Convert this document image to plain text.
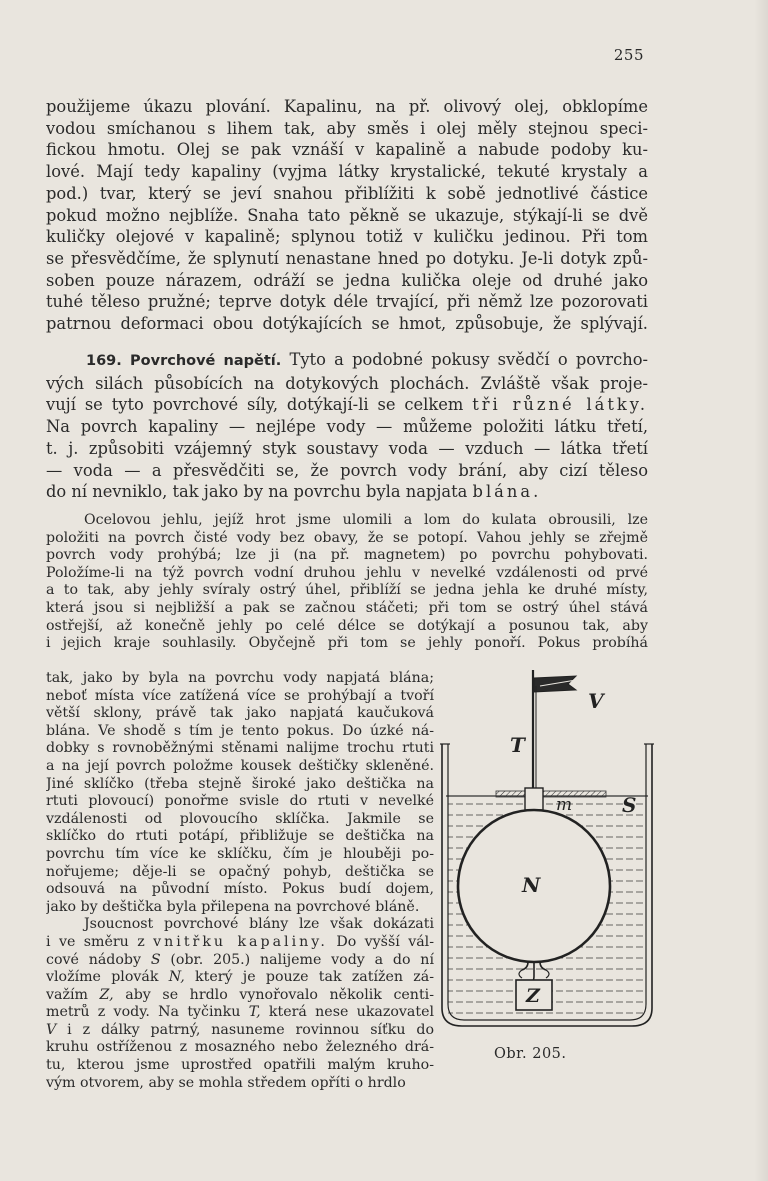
255
použijeme úkazu plování. Kapalinu, na př. olivový olej, obklopíme
vodou smíchanou s lihem tak, aby směs i olej měly stejnou speci-
fickou hmotu. Olej se pak vznáší v kapalině a nabude podoby ku-
lové. Mají tedy kapaliny (vyjma látky krystalické, tekuté krystaly a
pod.) tvar, který se jeví snahou přiblížiti k sobě jednotlivé částice
pokud možno nejblíže. Snaha tato pěkně se ukazuje, stýkají-li se dvě
kuličky olejové v kapalině; splynou totiž v kuličku jedinou. Při tom
se přesvědčíme, že splynutí nenastane hned po dotyku. Je-li dotyk způ-
soben pouze nárazem, odráží se jedna kulička oleje od druhé jako
tuhé těleso pružné; teprve dotyk déle trvající, při němž lze pozorovati
patrnou deformaci obou dotýkajících se hmot, způsobuje, že splývají.
169. Povrchové napětí. Tyto a podobné pokusy svědčí o povrcho-
vých silách působících na dotykových plochách. Zvláště však proje-
vují se tyto povrchové síly, dotýkají-li se celkem tři různé látky.
Na povrch kapaliny — nejlépe vody — můžeme položiti látku třetí,
t. j. způsobiti vzájemný styk soustavy voda — vzduch — látka třetí
— voda — a přesvědčiti se, že povrch vody brání, aby cizí těleso
do ní nevniklo, tak jako by na povrchu byla napjata blána.
Ocelovou jehlu, jejíž hrot jsme ulomili a lom do kulata obrousili, lze
položiti na povrch čisté vody bez obavy, že se potopí. Vahou jehly se zřejmě
povrch vody prohýbá; lze ji (na př. magnetem) po povrchu pohybovati.
Položíme-li na týž povrch vodní druhou jehlu v nevelké vzdálenosti od prvé
a to tak, aby jehly svíraly ostrý úhel, přiblíží se jedna jehla ke druhé místy,
která jsou si nejbližší a pak se začnou stáčeti; při tom se ostrý úhel stává
ostřejší, až konečně jehly po celé délce se dotýkají a posunou tak, aby
i jejich kraje souhlasily. Obyčejně při tom se jehly ponoří. Pokus probíhá
tak, jako by byla na povrchu vody napjatá blána;
neboť místa více zatížená více se prohýbají a tvoří
větší sklony, právě tak jako napjatá kaučuková
blána. Ve shodě s tím je tento pokus. Do úzké ná-
dobky s rovnoběžnými stěnami nalijme trochu rtuti
a na její povrch položme kousek deštičky skleněné.
Jiné sklíčko (třeba stejně široké jako deštička na
rtuti plovoucí) ponořme svisle do rtuti v nevelké
vzdálenosti od plovoucího sklíčka. Jakmile se
sklíčko do rtuti potápí, přibližuje se deštička na
povrchu tím více ke sklíčku, čím je hlouběji po-
nořujeme; děje-li se opačný pohyb, deštička se
odsouvá na původní místo. Pokus budí dojem,
jako by deštička byla přilepena na povrchové bláně.
Jsoucnost povrchové blány lze však dokázati
i ve směru z vnitřku kapaliny. Do vyšší vál-
cové nádoby S (obr. 205.) nalijeme vody a do ní
vložíme plovák N, který je pouze tak zatížen zá-
važím Z, aby se hrdlo vynořovalo několik centi-
metrů z vody. Na tyčinku T, která nese ukazovatel
V i z dálky patrný, nasuneme rovinnou síťku do
kruhu ostříženou z mosazného nebo železného drá-
tu, kterou jsme uprostřed opatřili malým kruho-
vým otvorem, aby se mohla středem opříti o hrdlo
V
T
m S
N
Z
Obr. 205.
